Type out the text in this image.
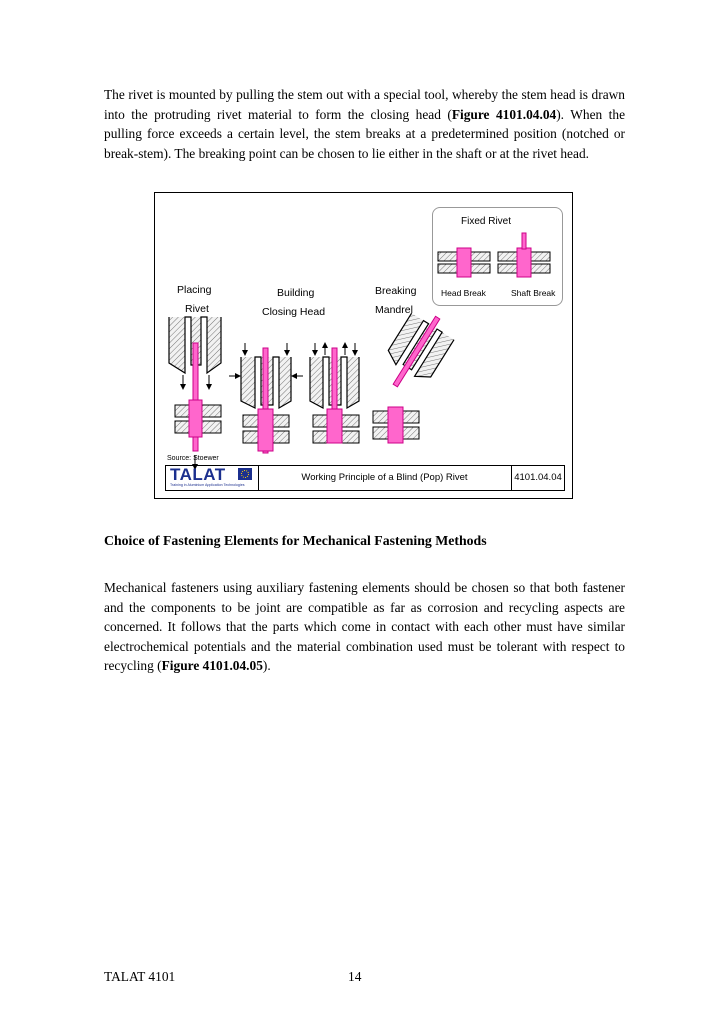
The rivet is mounted by pulling the stem out with a special tool, whereby the stem head is drawn into the protruding rivet material to form the closing head (Figure 4101.04.04). When the pulling force exceeds a certain level, the stem breaks at a predetermined position (notched or break-stem). The breaking point can be chosen to lie either in the shaft or at the rivet head.
Placing
Rivet
Building
Closing Head
Breaking
Mandrel
Fixed Rivet
Head Break	Shaft Break
Source: Stoewer
TALAT
Training in Aluminium Application Technologies
Working Principle of a Blind (Pop) Rivet	4101.04.04
Choice of Fastening Elements for Mechanical Fastening Methods
Mechanical fasteners using auxiliary fastening elements should be chosen so that both fastener and the components to be joint are compatible as far as corrosion and recycling aspects are concerned. It follows that the parts which come in contact with each other must have similar electrochemical potentials and the material combination used must be tolerant with respect to recycling (Figure 4101.04.05).
TALAT 4101	14
